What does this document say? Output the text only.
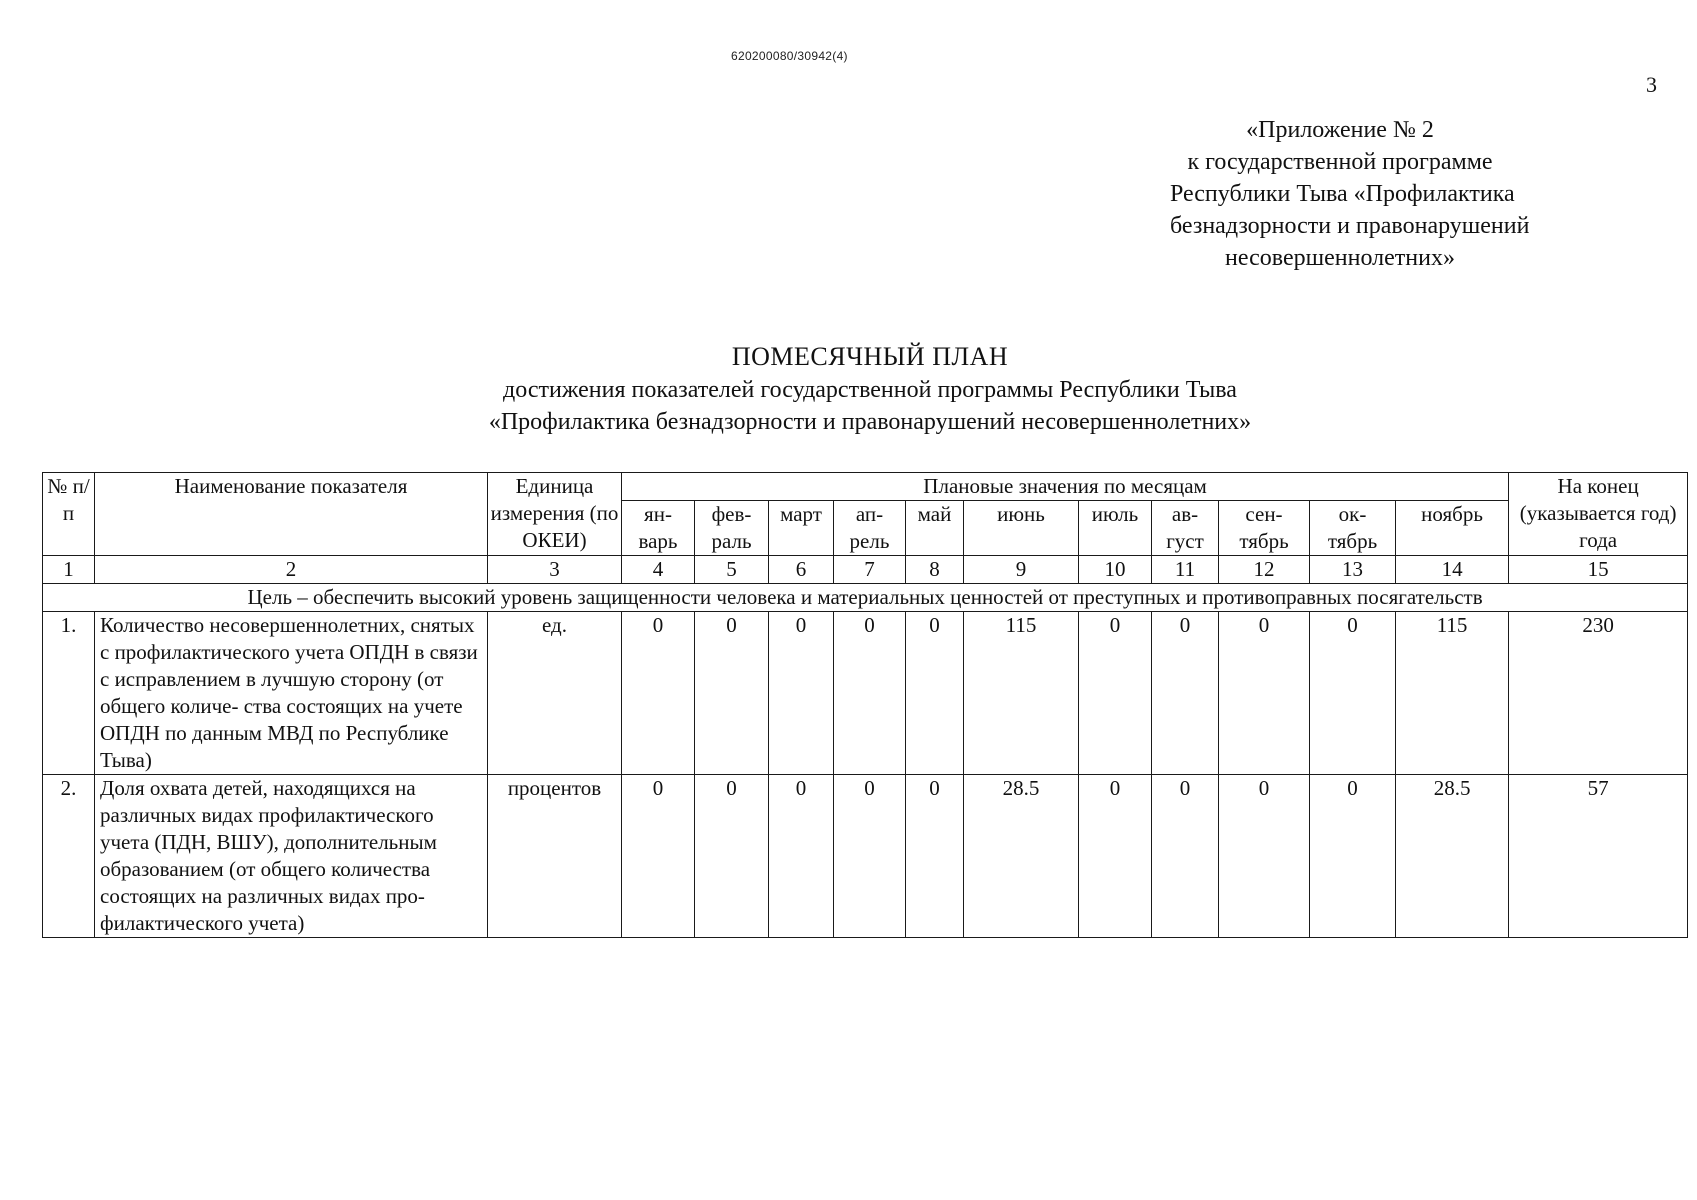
620200080/30942(4)
3
«Приложение № 2
к государственной программе
Республики Тыва «Профилактика
безнадзорности и правонарушений
несовершеннолетних»
ПОМЕСЯЧНЫЙ ПЛАН
достижения показателей государственной программы Республики Тыва
«Профилактика безнадзорности и правонарушений несовершеннолетних»
№ п/п	Наименование показателя	Единица измерения (по ОКЕИ)	Плановые значения по месяцам											На конец (указывается год) года
			ян- варь	фев- раль	март	ап- рель	май	июнь	июль	ав- густ	сен- тябрь	ок- тябрь	ноябрь	
1	2	3	4	5	6	7	8	9	10	11	12	13	14	15
Цель – обеспечить высокий уровень защищенности человека и материальных ценностей от преступных и противоправных посягательств														
1.	Количество несовершеннолетних, снятых с профилактического учета ОПДН в связи с исправлением в лучшую сторону (от общего количе- ства состоящих на учете ОПДН по данным МВД по Республике Тыва)	ед.	0	0	0	0	0	115	0	0	0	0	115	230
2.	Доля охвата детей, находящихся на различных видах профилактического учета (ПДН, ВШУ), дополнительным образованием (от общего количества состоящих на различных видах про- филактического учета)	процентов	0	0	0	0	0	28.5	0	0	0	0	28.5	57
